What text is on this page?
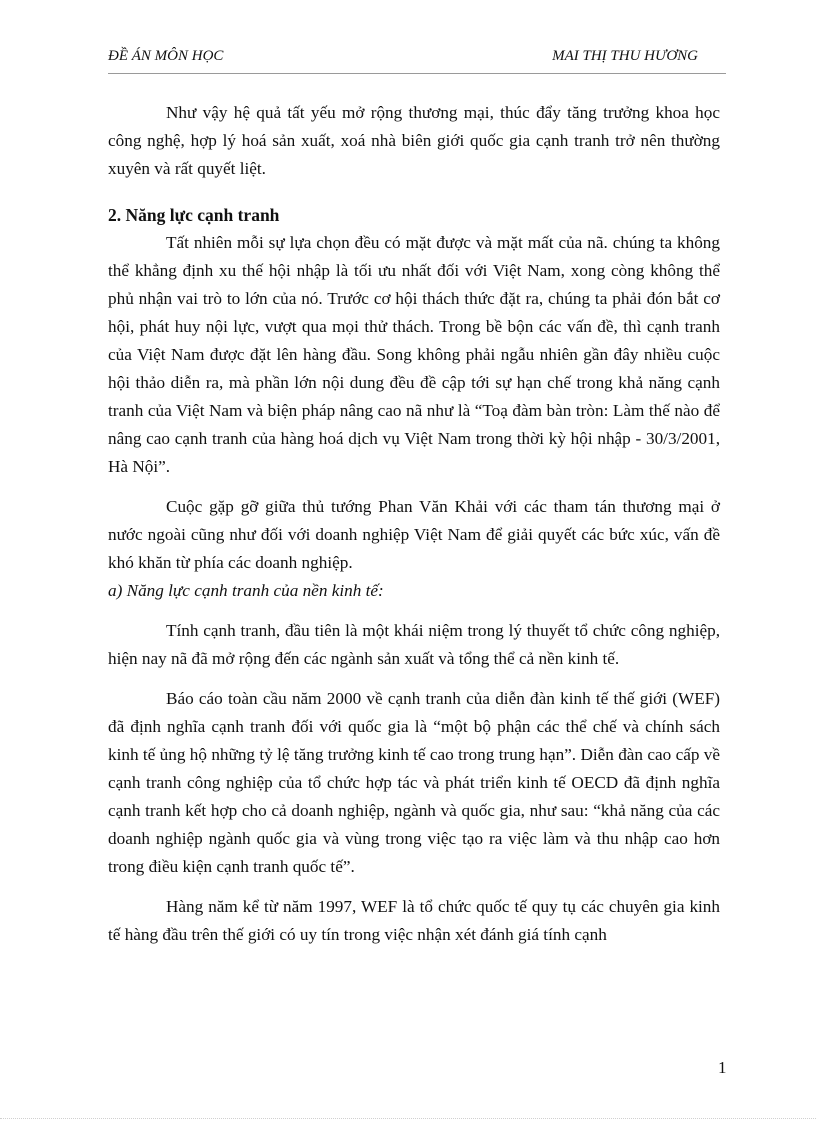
ĐỀ ÁN MÔN HỌC	MAI THỊ THU HƯƠNG

Như vậy hệ quả tất yếu mở rộng thương mại, thúc đẩy tăng trưởng khoa học công nghệ, hợp lý hoá sản xuất, xoá nhà biên giới quốc gia cạnh tranh trở nên thường xuyên và rất quyết liệt.

2. Năng lực cạnh tranh

Tất nhiên mỗi sự lựa chọn đều có mặt được và mặt mất của nã. chúng ta không thể khẳng định xu thế hội nhập là tối ưu nhất đối với Việt Nam, xong còng không thể phủ nhận vai trò to lớn của nó. Trước cơ hội thách thức đặt ra, chúng ta phải đón bắt cơ hội, phát huy nội lực, vượt qua mọi thử thách. Trong bề bộn các vấn đề, thì cạnh tranh của Việt Nam được đặt lên hàng đầu. Song không phải ngẫu nhiên gần đây nhiều cuộc hội thảo diễn ra, mà phần lớn nội dung đều đề cập tới sự hạn chế trong khả năng cạnh tranh của Việt Nam và biện pháp nâng cao nã như là “Toạ đàm bàn tròn: Làm thế nào để nâng cao cạnh tranh của hàng hoá dịch vụ Việt Nam trong thời kỳ hội nhập - 30/3/2001, Hà Nội”.

Cuộc gặp gỡ giữa thủ tướng Phan Văn Khải với các tham tán thương mại ở nước ngoài cũng như đối với doanh nghiệp Việt Nam để giải quyết các bức xúc, vấn đề khó khăn từ phía các doanh nghiệp.

a) Năng lực cạnh tranh của nền kinh tế:

Tính cạnh tranh, đầu tiên là một khái niệm trong lý thuyết tổ chức công nghiệp, hiện nay nã đã mở rộng đến các ngành sản xuất và tổng thể cả nền kinh tế.

Báo cáo toàn cầu năm 2000 về cạnh tranh của diễn đàn kinh tế thế giới (WEF) đã định nghĩa cạnh tranh đối với quốc gia là “một bộ phận các thể chế và chính sách kinh tế ủng hộ những tỷ lệ tăng trưởng kinh tế cao trong trung hạn”. Diễn đàn cao cấp về cạnh tranh công nghiệp của tổ chức hợp tác và phát triển kinh tế OECD đã định nghĩa cạnh tranh kết hợp cho cả doanh nghiệp, ngành và quốc gia, như sau: “khả năng của các doanh nghiệp ngành quốc gia và vùng trong việc tạo ra việc làm và thu nhập cao hơn trong điều kiện cạnh tranh quốc tế”.

Hàng năm kể từ năm 1997, WEF là tổ chức quốc tế quy tụ các chuyên gia kinh tế hàng đầu trên thế giới có uy tín trong việc nhận xét đánh giá tính cạnh

1
